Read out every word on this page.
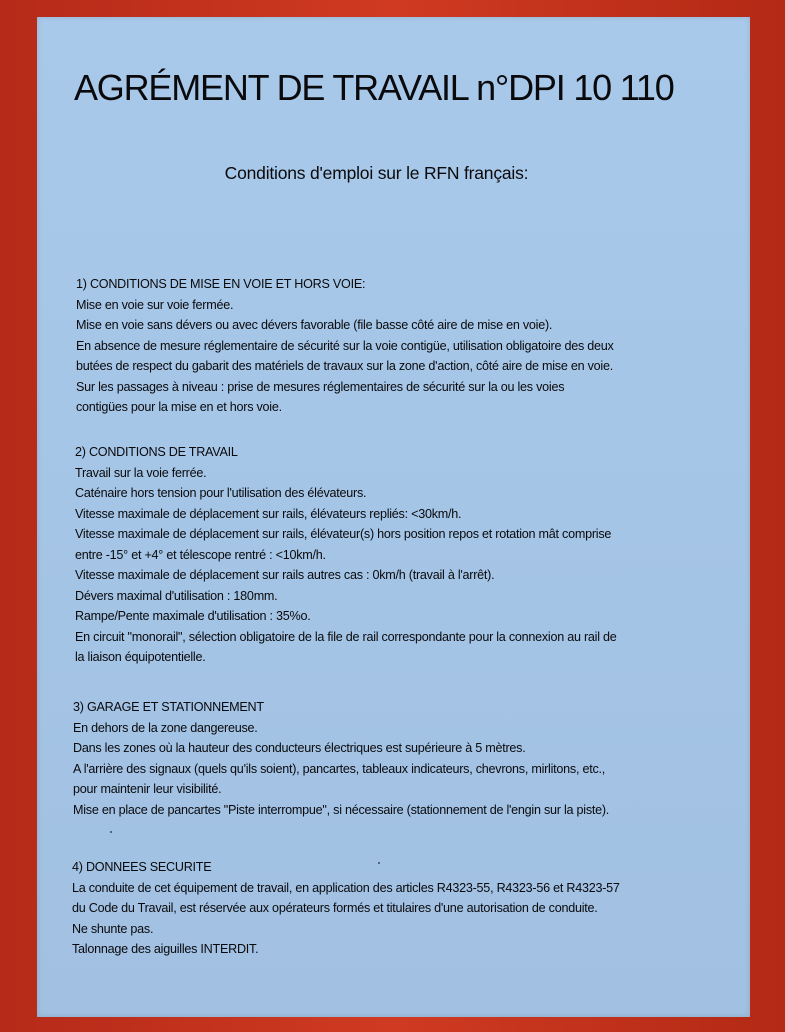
AGRÉMENT DE TRAVAIL n°DPI 10 110
Conditions d'emploi sur le RFN français:
1) CONDITIONS DE MISE EN VOIE ET HORS VOIE:
Mise en voie sur voie fermée.
Mise en voie sans dévers ou avec dévers favorable (file basse côté aire de mise en voie).
En absence de mesure réglementaire de sécurité sur la voie contigüe, utilisation obligatoire des deux
butées de respect du gabarit des matériels de travaux sur la zone d'action, côté aire de mise en voie.
Sur les passages à niveau : prise de mesures réglementaires de sécurité sur la ou les voies
contigües pour la mise en et hors voie.
2) CONDITIONS DE TRAVAIL
Travail sur la voie ferrée.
Caténaire hors tension pour l'utilisation des élévateurs.
Vitesse maximale de déplacement sur rails, élévateurs repliés: <30km/h.
Vitesse maximale de déplacement sur rails, élévateur(s) hors position repos et rotation mât comprise
entre -15° et +4° et télescope rentré : <10km/h.
Vitesse maximale de déplacement sur rails autres cas : 0km/h (travail à l'arrêt).
Dévers maximal d'utilisation : 180mm.
Rampe/Pente maximale d'utilisation : 35%o.
En circuit "monorail", sélection obligatoire de la file de rail correspondante pour la connexion au rail de
la liaison équipotentielle.
3) GARAGE ET STATIONNEMENT
En dehors de la zone dangereuse.
Dans les zones où la hauteur des conducteurs électriques est supérieure à 5 mètres.
A l'arrière des signaux (quels qu'ils soient), pancartes, tableaux indicateurs, chevrons, mirlitons, etc.,
pour maintenir leur visibilité.
Mise en place de pancartes "Piste interrompue", si nécessaire (stationnement de l'engin sur la piste).
4) DONNEES SECURITE
La conduite de cet équipement de travail, en application des articles R4323-55, R4323-56 et R4323-57
du Code du Travail, est réservée aux opérateurs formés et titulaires d'une autorisation de conduite.
Ne shunte pas.
Talonnage des aiguilles INTERDIT.
